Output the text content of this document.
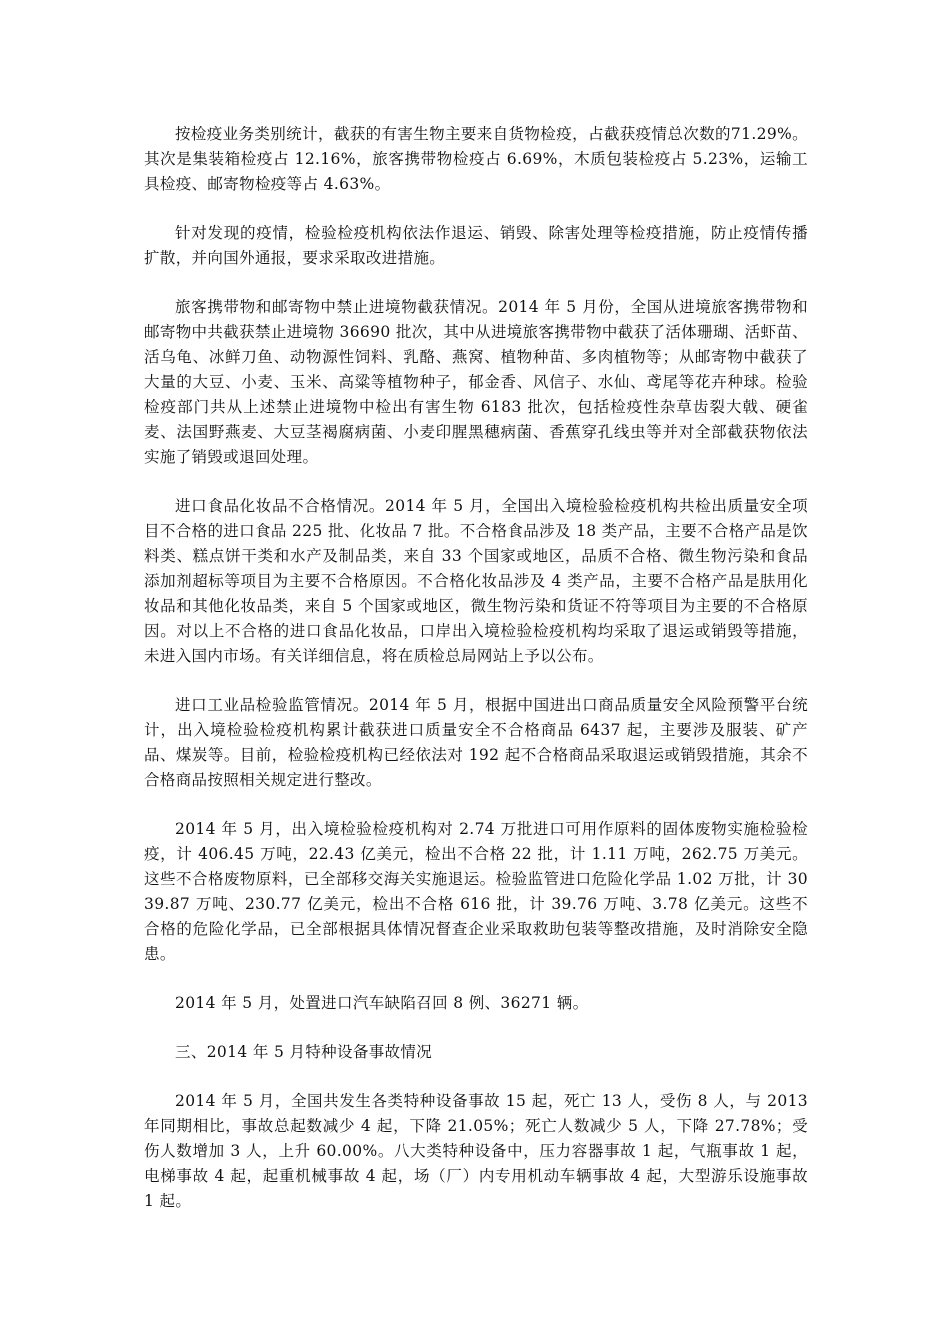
按检疫业务类别统计，截获的有害生物主要来自货物检疫，占截获疫情总次数的71.29%。其次是集装箱检疫占 12.16%，旅客携带物检疫占 6.69%，木质包装检疫占 5.23%，运输工具检疫、邮寄物检疫等占 4.63%。

针对发现的疫情，检验检疫机构依法作退运、销毁、除害处理等检疫措施，防止疫情传播扩散，并向国外通报，要求采取改进措施。

旅客携带物和邮寄物中禁止进境物截获情况。2014 年 5 月份，全国从进境旅客携带物和邮寄物中共截获禁止进境物 36690 批次，其中从进境旅客携带物中截获了活体珊瑚、活虾苗、活乌龟、冰鲜刀鱼、动物源性饲料、乳酪、燕窝、植物种苗、多肉植物等；从邮寄物中截获了大量的大豆、小麦、玉米、高粱等植物种子，郁金香、风信子、水仙、鸢尾等花卉种球。检验检疫部门共从上述禁止进境物中检出有害生物 6183 批次，包括检疫性杂草齿裂大戟、硬雀麦、法国野燕麦、大豆茎褐腐病菌、小麦印腥黑穗病菌、香蕉穿孔线虫等并对全部截获物依法实施了销毁或退回处理。

进口食品化妆品不合格情况。2014 年 5 月，全国出入境检验检疫机构共检出质量安全项目不合格的进口食品 225 批、化妆品 7 批。不合格食品涉及 18 类产品，主要不合格产品是饮料类、糕点饼干类和水产及制品类，来自 33 个国家或地区，品质不合格、微生物污染和食品添加剂超标等项目为主要不合格原因。不合格化妆品涉及 4 类产品，主要不合格产品是肤用化妆品和其他化妆品类，来自 5 个国家或地区，微生物污染和货证不符等项目为主要的不合格原因。对以上不合格的进口食品化妆品，口岸出入境检验检疫机构均采取了退运或销毁等措施，未进入国内市场。有关详细信息，将在质检总局网站上予以公布。

进口工业品检验监管情况。2014 年 5 月，根据中国进出口商品质量安全风险预警平台统计，出入境检验检疫机构累计截获进口质量安全不合格商品 6437 起，主要涉及服装、矿产品、煤炭等。目前，检验检疫机构已经依法对 192 起不合格商品采取退运或销毁措施，其余不合格商品按照相关规定进行整改。

2014 年 5 月，出入境检验检疫机构对 2.74 万批进口可用作原料的固体废物实施检验检疫，计 406.45 万吨，22.43 亿美元，检出不合格 22 批，计 1.11 万吨，262.75 万美元。这些不合格废物原料，已全部移交海关实施退运。检验监管进口危险化学品 1.02 万批，计 3039.87 万吨、230.77 亿美元，检出不合格 616 批，计 39.76 万吨、3.78 亿美元。这些不合格的危险化学品，已全部根据具体情况督查企业采取救助包装等整改措施，及时消除安全隐患。

2014 年 5 月，处置进口汽车缺陷召回 8 例、36271 辆。

三、2014 年 5 月特种设备事故情况

2014 年 5 月，全国共发生各类特种设备事故 15 起，死亡 13 人，受伤 8 人，与 2013 年同期相比，事故总起数减少 4 起，下降 21.05%；死亡人数减少 5 人，下降 27.78%；受伤人数增加 3 人，上升 60.00%。八大类特种设备中，压力容器事故 1 起，气瓶事故 1 起，电梯事故 4 起，起重机械事故 4 起，场（厂）内专用机动车辆事故 4 起，大型游乐设施事故 1 起。
